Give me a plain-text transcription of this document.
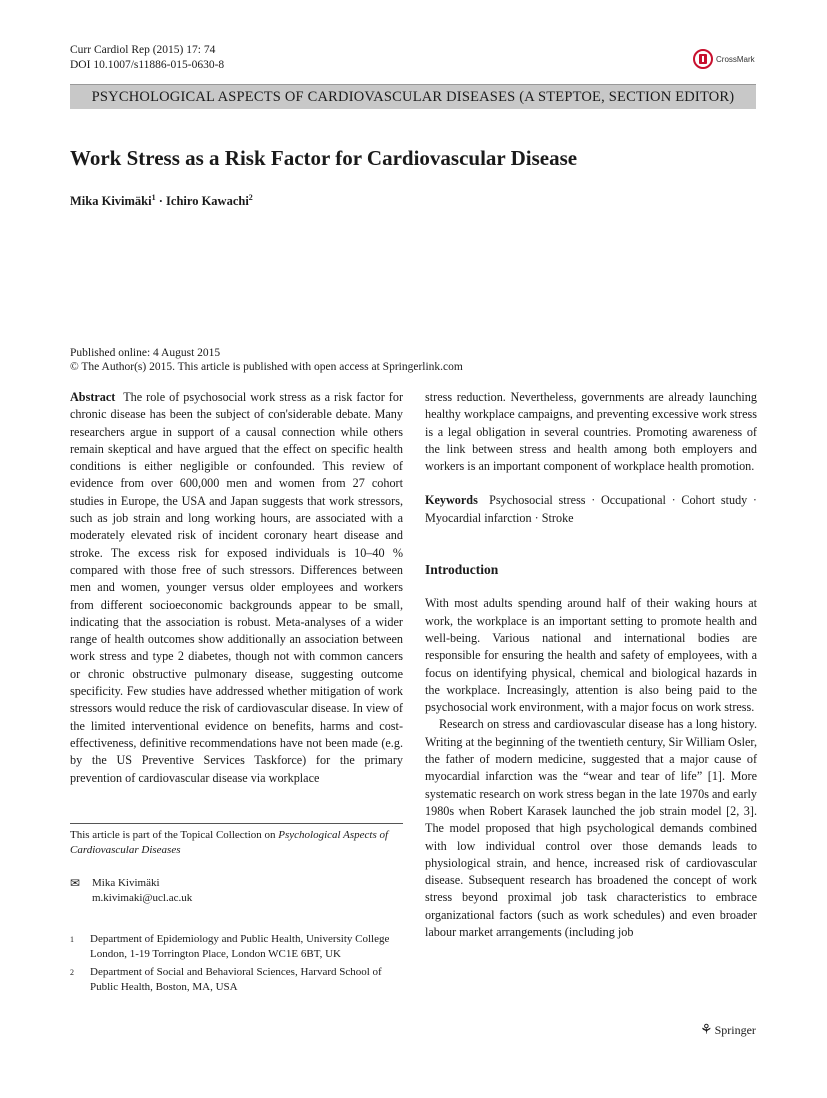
Curr Cardiol Rep (2015) 17: 74
DOI 10.1007/s11886-015-0630-8	CrossMark
PSYCHOLOGICAL ASPECTS OF CARDIOVASCULAR DISEASES (A STEPTOE, SECTION EDITOR)
Work Stress as a Risk Factor for Cardiovascular Disease
Mika Kivimäki$^1$ · Ichiro Kawachi$^2$
Published online: 4 August 2015
© The Author(s) 2015. This article is published with open access at Springerlink.com

Abstract The role of psychosocial work stress as a risk factor for chronic disease has been the subject of con'siderable debate. Many researchers argue in support of a causal connection while others remain skeptical and have argued that the effect on specific health conditions is either negligible or confounded. This review of evidence from over 600,000 men and women from 27 cohort studies in Europe, the USA and Japan suggests that work stressors, such as job strain and long working hours, are associated with a moderately elevated risk of incident coronary heart disease and stroke. The excess risk for exposed individuals is 10–40 % compared with those free of such stressors. Differences between men and women, younger versus older employees and workers from different socioeconomic backgrounds appear to be small, indicating that the association is robust. Meta-analyses of a wider range of health outcomes show additionally an association between work stress and type 2 diabetes, though not with common cancers or chronic obstructive pulmonary disease, suggesting outcome specificity. Few studies have addressed whether mitigation of work stressors would reduce the risk of cardiovascular disease. In view of the limited interventional evidence on benefits, harms and cost-effectiveness, definitive recommendations have not been made (e.g. by the US Preventive Services Taskforce) for the primary prevention of cardiovascular disease via workplace

This article is part of the Topical Collection on Psychological Aspects of Cardiovascular Diseases
✉ Mika Kivimäki
m.kivimaki@ucl.ac.uk
1 Department of Epidemiology and Public Health, University College London, 1-19 Torrington Place, London WC1E 6BT, UK
2 Department of Social and Behavioral Sciences, Harvard School of Public Health, Boston, MA, USA

stress reduction. Nevertheless, governments are already launching healthy workplace campaigns, and preventing excessive work stress is a legal obligation in several countries. Promoting awareness of the link between stress and health among both employers and workers is an important component of workplace health promotion.

Keywords Psychosocial stress · Occupational · Cohort study · Myocardial infarction · Stroke

Introduction

With most adults spending around half of their waking hours at work, the workplace is an important setting to promote health and well-being. Various national and international bodies are responsible for ensuring the health and safety of employees, with a focus on identifying physical, chemical and biological hazards in the workplace. Increasingly, attention is also being paid to the psychosocial work environment, with a major focus on work stress.

Research on stress and cardiovascular disease has a long history. Writing at the beginning of the twentieth century, Sir William Osler, the father of modern medicine, suggested that a major cause of myocardial infarction was the “wear and tear of life” [1]. More systematic research on work stress began in the late 1970s and early 1980s when Robert Karasek launched the job strain model [2, 3]. The model proposed that high psychological demands combined with low individual control over those demands leads to physiological strain, and hence, increased risk of cardiovascular disease. Subsequent research has broadened the concept of work stress beyond proximal job task characteristics to embrace organizational factors (such as work schedules) and even broader labour market arrangements (including job

⚘ Springer
